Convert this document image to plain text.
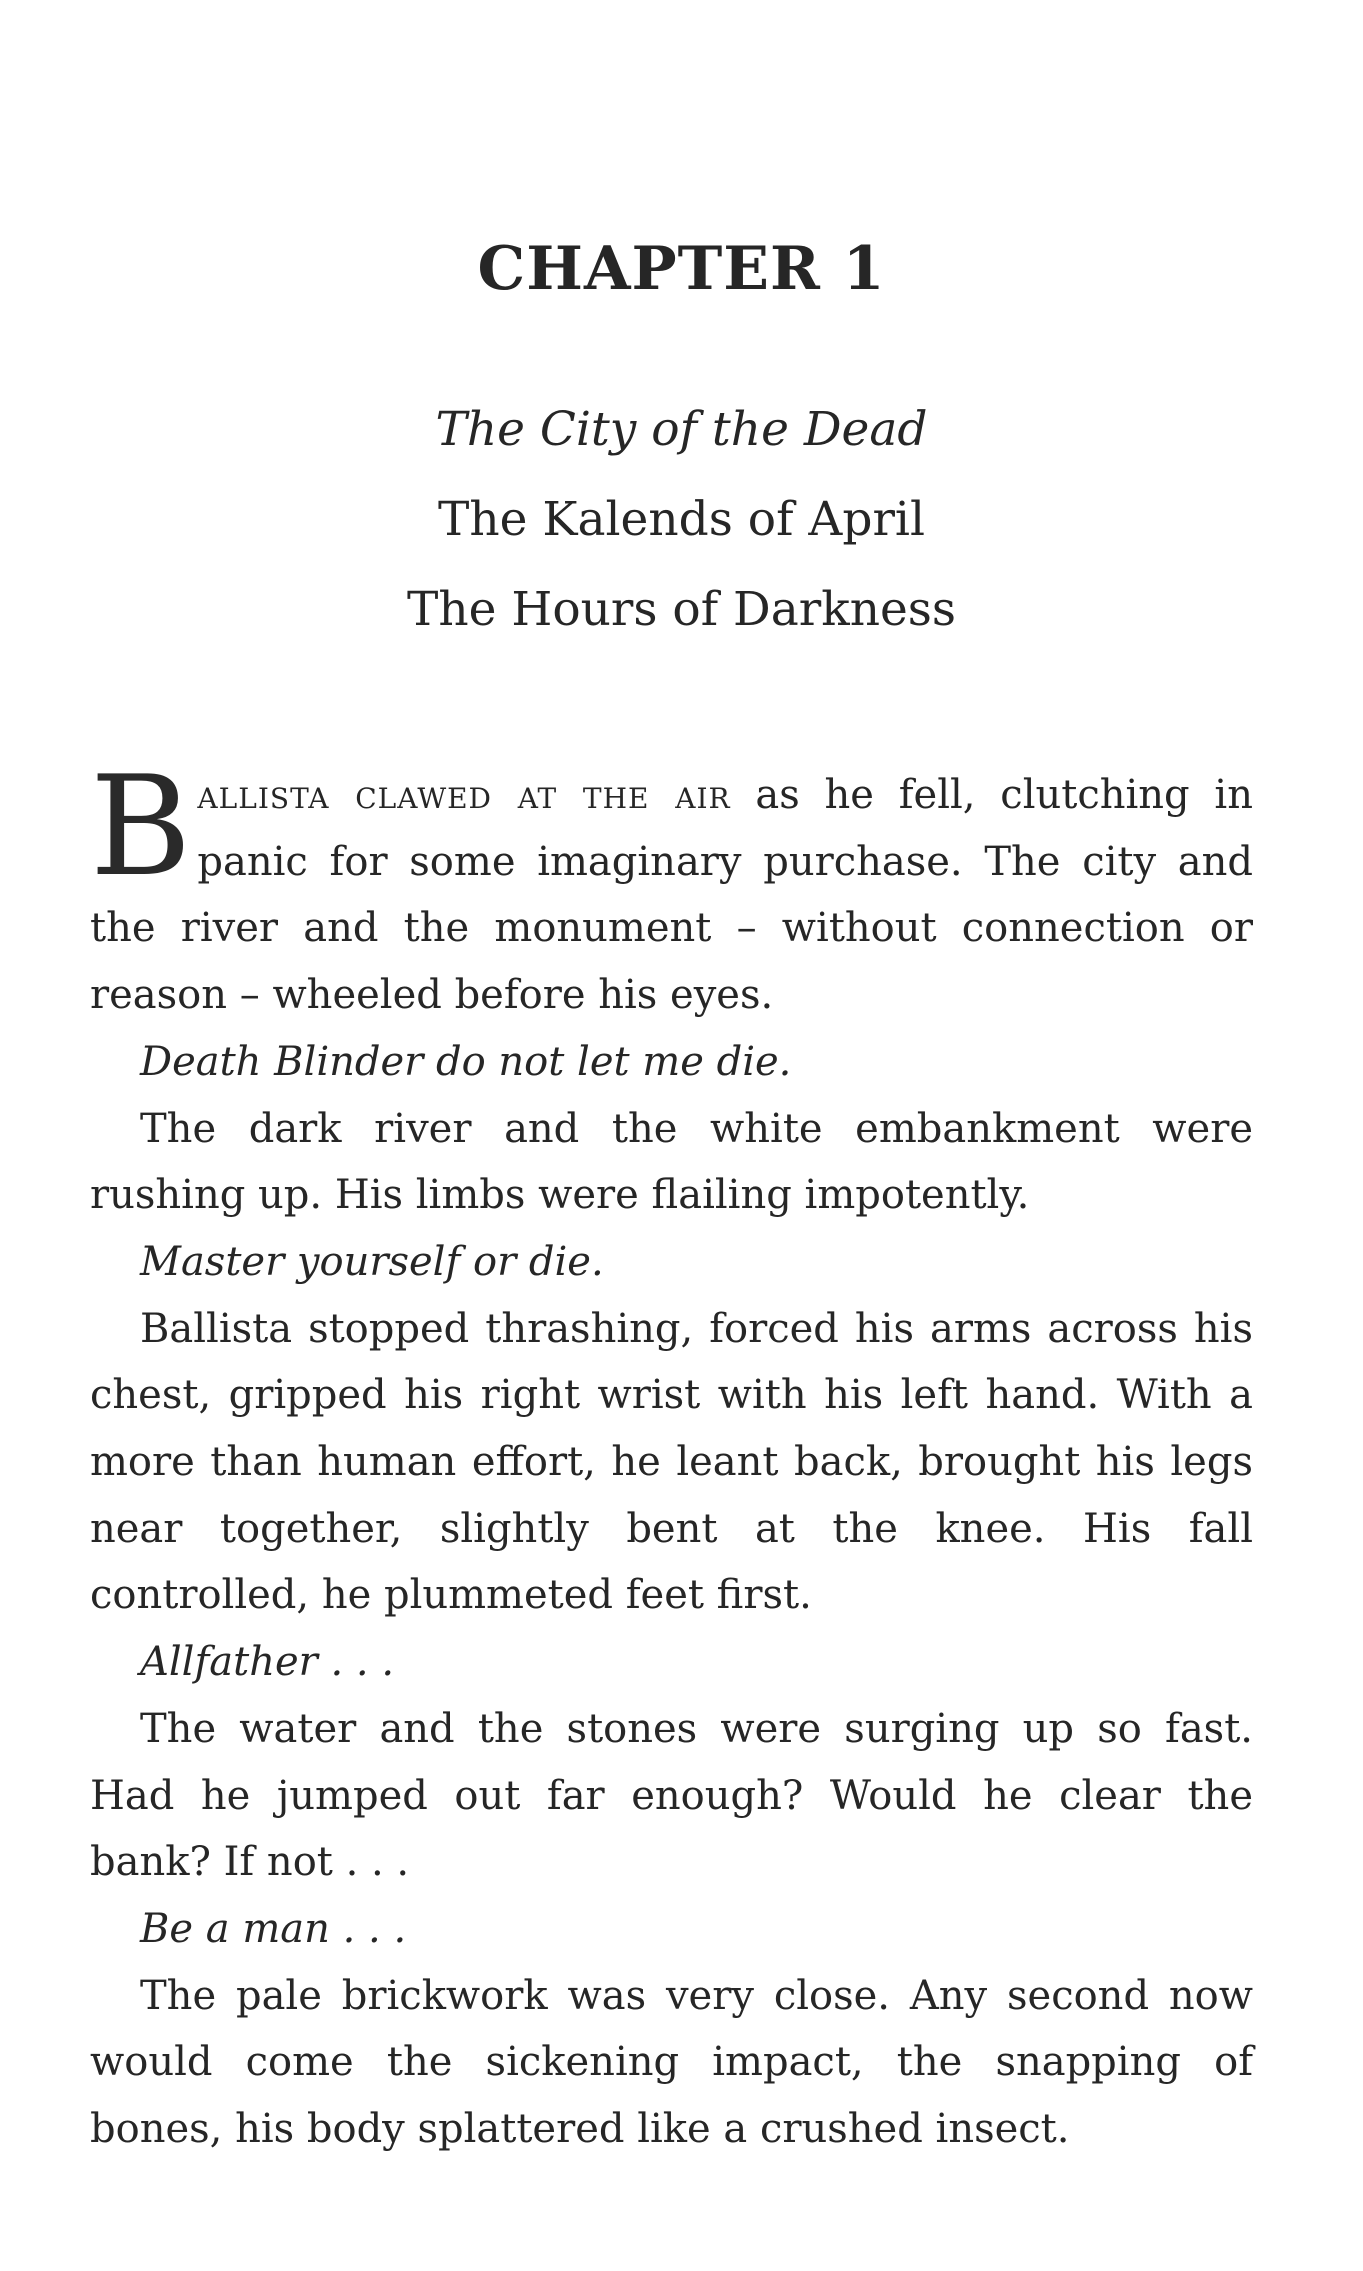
CHAPTER 1
The City of the Dead
The Kalends of April
The Hours of Darkness

Ballista clawed at the air as he fell, clutching in panic for some imaginary purchase. The city and the river and the monument – without connection or reason – wheeled before his eyes.

Death Blinder do not let me die.

The dark river and the white embankment were rushing up. His limbs were flailing impotently.

Master yourself or die.

Ballista stopped thrashing, forced his arms across his chest, gripped his right wrist with his left hand. With a more than human effort, he leant back, brought his legs near together, slightly bent at the knee. His fall controlled, he plummeted feet first.

Allfather . . .

The water and the stones were surging up so fast. Had he jumped out far enough? Would he clear the bank? If not . . .

Be a man . . .

The pale brickwork was very close. Any second now would come the sickening impact, the snapping of bones, his body splattered like a crushed insect.
